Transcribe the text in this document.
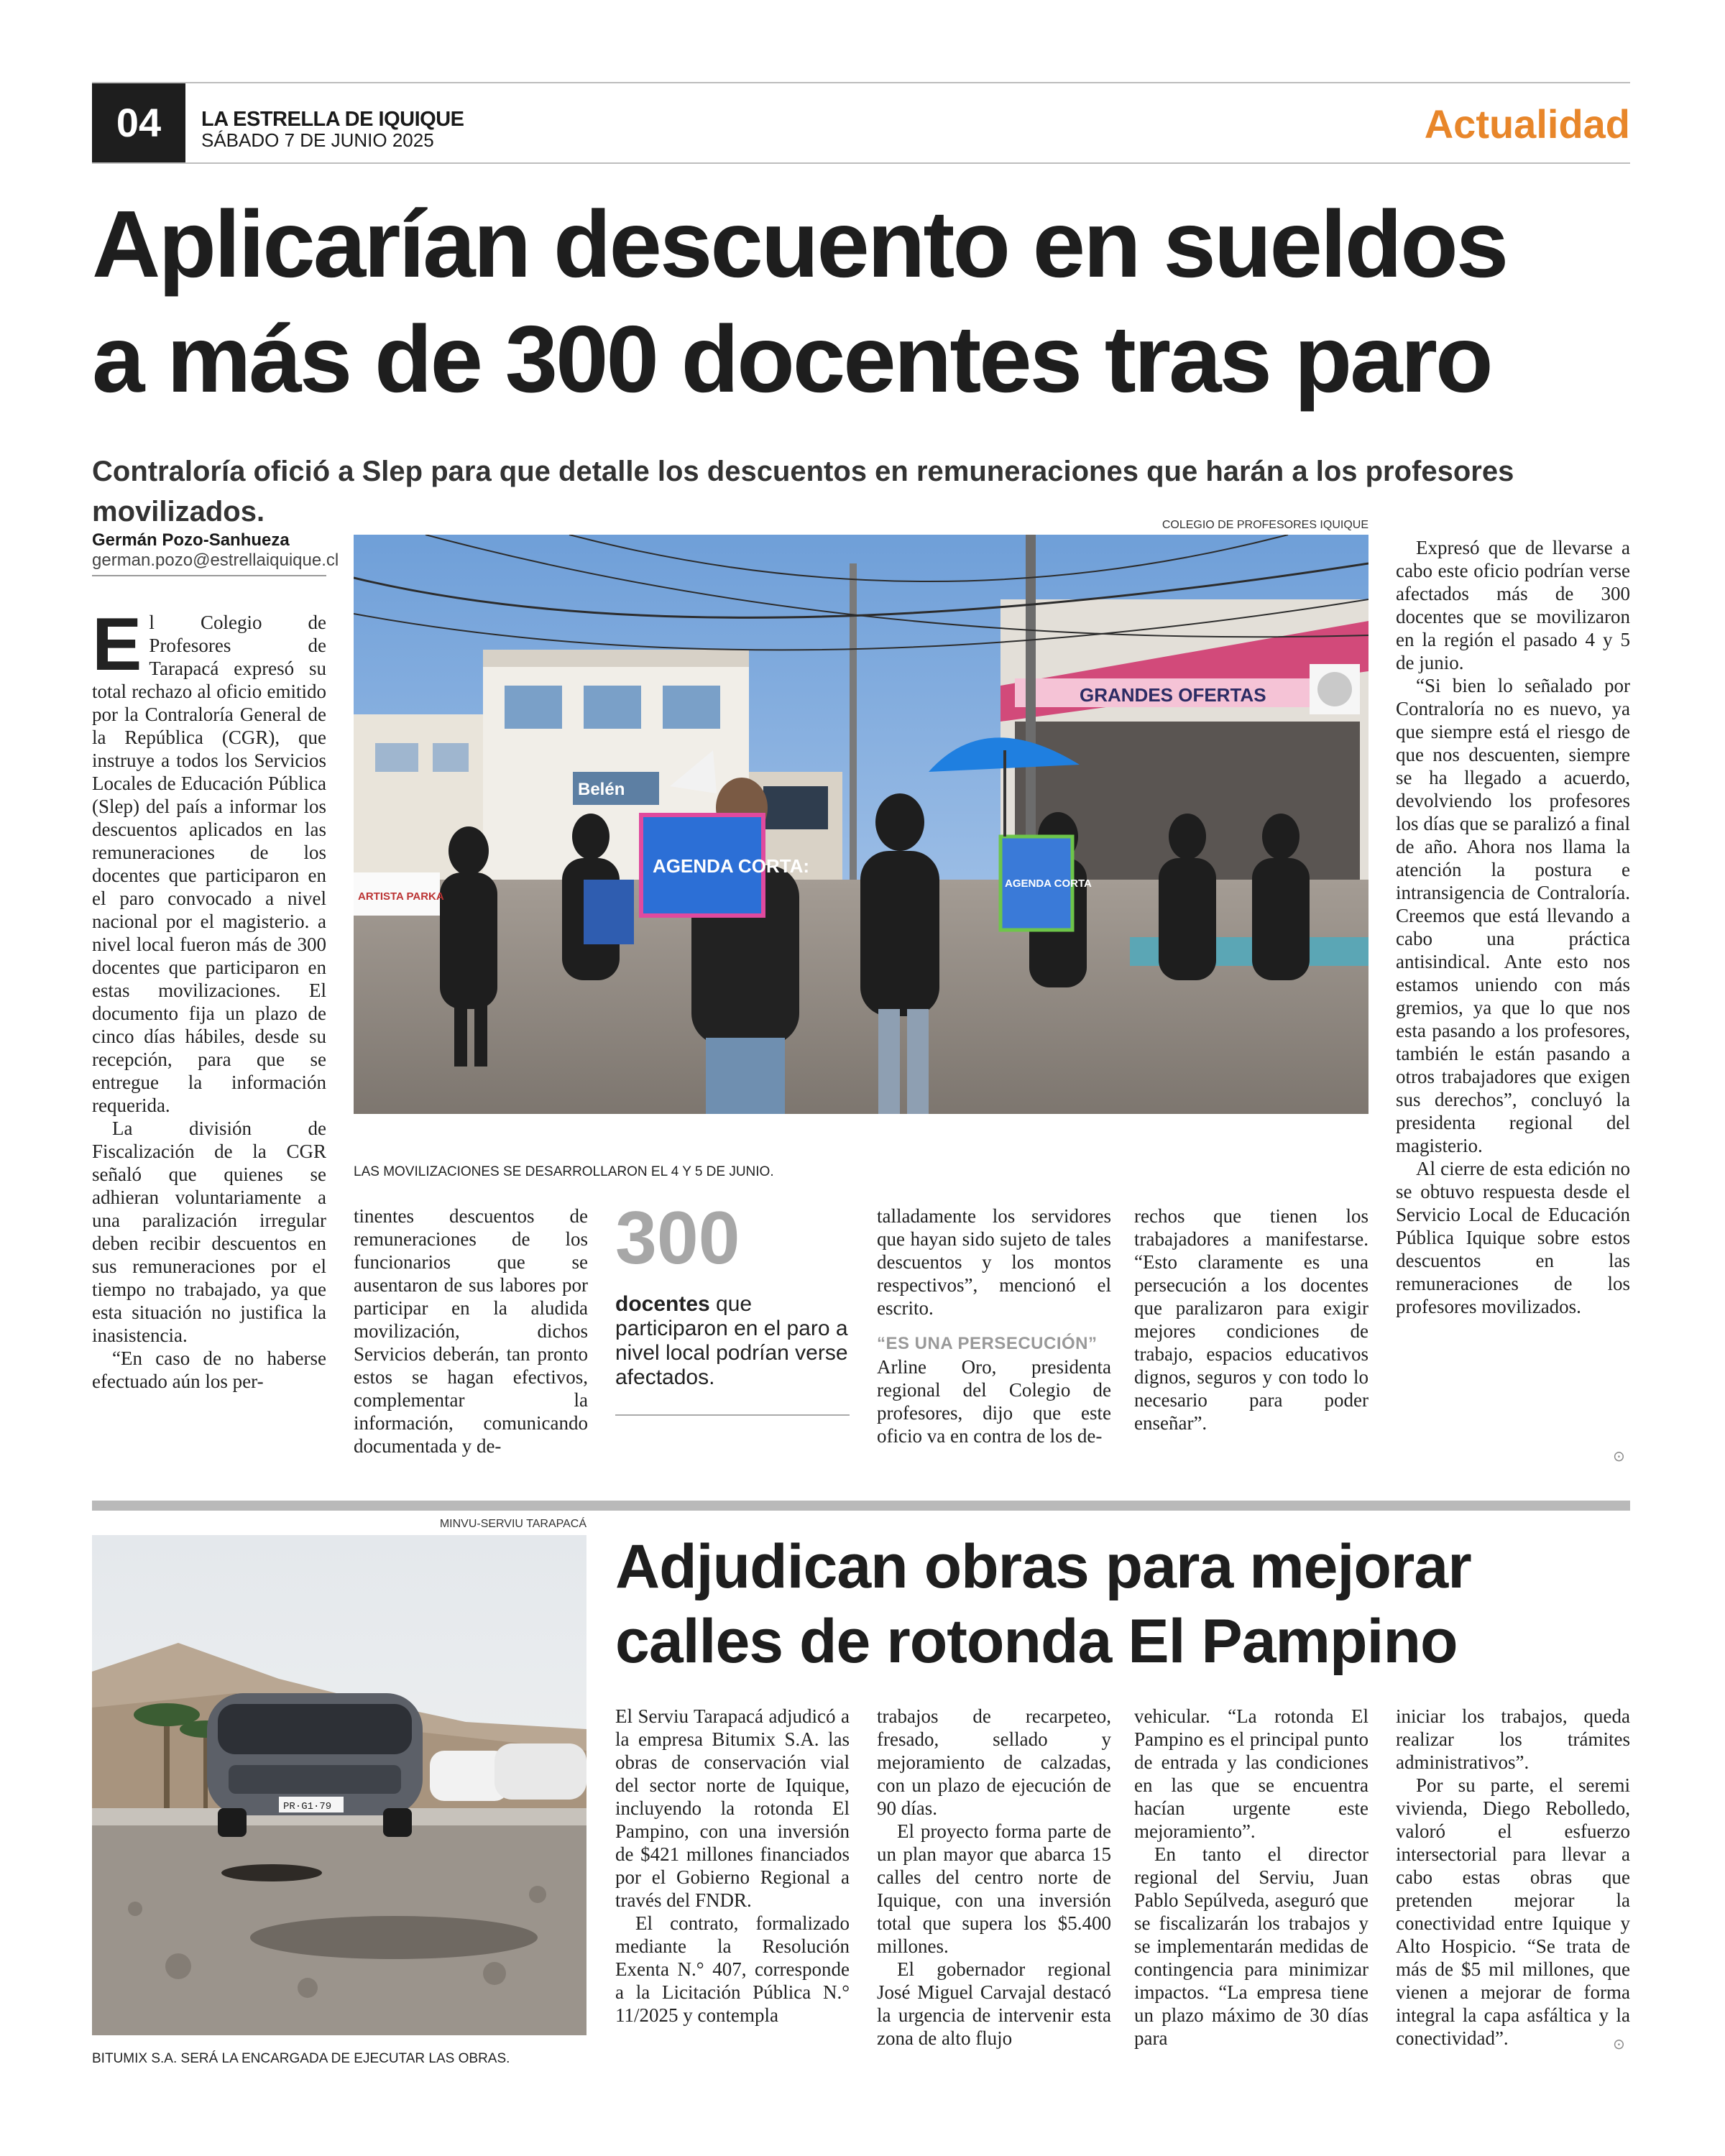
04	LA ESTRELLA DE IQUIQUE
SÁBADO 7 DE JUNIO 2025	Actualidad
Aplicarían descuento en sueldos
a más de 300 docentes tras paro
Contraloría ofició a Slep para que detalle los descuentos en remuneraciones que harán a los profesores movilizados.
Germán Pozo-Sanhueza
german.pozo@estrellaiquique.cl

El Colegio de Profesores de Tarapacá expresó su total rechazo al oficio emitido por la Contraloría General de la República (CGR), que instruye a todos los Servicios Locales de Educación Pública (Slep) del país a informar los descuentos aplicados en las remuneraciones de los docentes que participaron en el paro convocado a nivel nacional por el magisterio. a nivel local fueron más de 300 docentes que participaron en estas movilizaciones. El documento fija un plazo de cinco días hábiles, desde su recepción, para que se entregue la información requerida.

La división de Fiscalización de la CGR señaló que quienes se adhieran voluntariamente a una paralización irregular deben recibir descuentos en sus remuneraciones por el tiempo no trabajado, ya que esta situación no justifica la inasistencia.

“En caso de no haberse efectuado aún los per-

COLEGIO DE PROFESORES IQUIQUE
Belén
GRANDES OFERTAS
AGENDA CORTA:
AGENDA CORTA
ARTISTA PARKA
LAS MOVILIZACIONES SE DESARROLLARON EL 4 Y 5 DE JUNIO.

tinentes descuentos de remuneraciones de los funcionarios que se ausentaron de sus labores por participar en la aludida movilización, dichos Servicios deberán, tan pronto estos se hagan efectivos, complementar la información, comunicando documentada y de-

300
docentes que participaron en el paro a nivel local podrían verse afectados.

talladamente los servidores que hayan sido sujeto de tales descuentos y los montos respectivos”, mencionó el escrito.

“ES UNA PERSECUCIÓN”

Arline Oro, presidenta regional del Colegio de profesores, dijo que este oficio va en contra de los de-

rechos que tienen los trabajadores a manifestarse. “Esto claramente es una persecución a los docentes que paralizaron para exigir mejores condiciones de trabajo, espacios educativos dignos, seguros y con todo lo necesario para poder enseñar”.

Expresó que de llevarse a cabo este oficio podrían verse afectados más de 300 docentes que se movilizaron en la región el pasado 4 y 5 de junio.

“Si bien lo señalado por Contraloría no es nuevo, ya que siempre está el riesgo de que nos descuenten, siempre se ha llegado a acuerdo, devolviendo los profesores los días que se paralizó a final de año. Ahora nos llama la atención la postura e intransigencia de Contraloría. Creemos que está llevando a cabo una práctica antisindical. Ante esto nos estamos uniendo con más gremios, ya que lo que nos esta pasando a los profesores, también le están pasando a otros trabajadores que exigen sus derechos”, concluyó la presidenta regional del magisterio.

Al cierre de esta edición no se obtuvo respuesta desde el Servicio Local de Educación Pública Iquique sobre estos descuentos en las remuneraciones de los profesores movilizados.

⊙
MINVU-SERVIU TARAPACÁ
PR·G1·79
BITUMIX S.A. SERÁ LA ENCARGADA DE EJECUTAR LAS OBRAS.
Adjudican obras para mejorar
calles de rotonda El Pampino

El Serviu Tarapacá adjudicó a la empresa Bitumix S.A. las obras de conservación vial del sector norte de Iquique, incluyendo la rotonda El Pampino, con una inversión de $421 millones financiados por el Gobierno Regional a través del FNDR.

El contrato, formalizado mediante la Resolución Exenta N.° 407, corresponde a la Licitación Pública N.° 11/2025 y contempla

trabajos de recarpeteo, fresado, sellado y mejoramiento de calzadas, con un plazo de ejecución de 90 días.

El proyecto forma parte de un plan mayor que abarca 15 calles del centro norte de Iquique, con una inversión total que supera los $5.400 millones.

El gobernador regional José Miguel Carvajal destacó la urgencia de intervenir esta zona de alto flujo

vehicular. “La rotonda El Pampino es el principal punto de entrada y las condiciones en las que se encuentra hacían urgente este mejoramiento”.

En tanto el director regional del Serviu, Juan Pablo Sepúlveda, aseguró que se fiscalizarán los trabajos y se implementarán medidas de contingencia para minimizar impactos. “La empresa tiene un plazo máximo de 30 días para

iniciar los trabajos, queda realizar los trámites administrativos”.

Por su parte, el seremi vivienda, Diego Rebolledo, valoró el esfuerzo intersectorial para llevar a cabo estas obras que pretenden mejorar la conectividad entre Iquique y Alto Hospicio. “Se trata de más de $5 mil millones, que vienen a mejorar de forma integral la capa asfáltica y la conectividad”.	⊙
